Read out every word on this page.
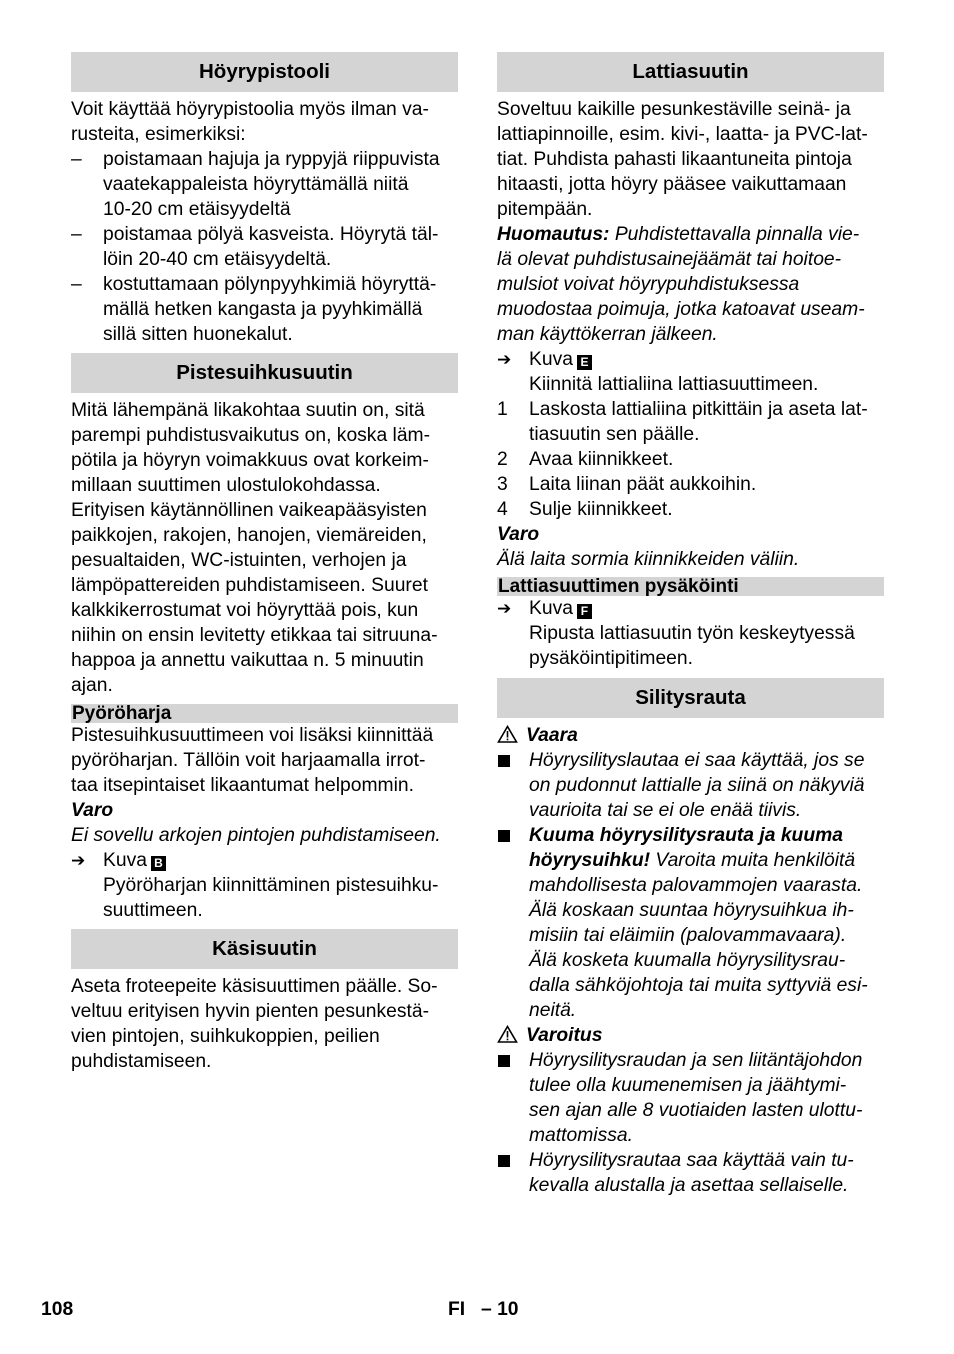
Höyrypistooli

Voit käyttää höyrypistoolia myös ilman va-
rusteita, esimerkiksi:

–	poistamaan hajuja ja ryppyjä riippuvista
vaatekappaleista höyryttämällä niitä
10-20 cm etäisyydeltä
–	poistamaa pölyä kasveista. Höyrytä täl-
löin 20-40 cm etäisyydeltä.
–	kostuttamaan pölynpyyhkimiä höyryttä-
mällä hetken kangasta ja pyyhkimällä
sillä sitten huonekalut.
Pistesuihkusuutin

Mitä lähempänä likakohtaa suutin on, sitä
parempi puhdistusvaikutus on, koska läm-
pötila ja höyryn voimakkuus ovat korkeim-
millaan suuttimen ulostulokohdassa.
Erityisen käytännöllinen vaikeapääsyisten
paikkojen, rakojen, hanojen, viemäreiden,
pesualtaiden, WC-istuinten, verhojen ja
lämpöpattereiden puhdistamiseen. Suuret
kalkkikerrostumat voi höyryttää pois, kun
niihin on ensin levitetty etikkaa tai sitruuna-
happoa ja annettu vaikuttaa n. 5 minuutin
ajan.

Pyöröharja

Pistesuihkusuuttimeen voi lisäksi kiinnittää
pyöröharjan. Tällöin voit harjaamalla irrot-
taa itsepintaiset likaantumat helpommin.

Varo

Ei sovellu arkojen pintojen puhdistamiseen.

➔ Kuva B
Pyöröharjan kiinnittäminen pistesuihku-
suuttimeen.
Käsisuutin

Aseta froteepeite käsisuuttimen päälle. So-
veltuu erityisen hyvin pienten pesunkestä-
vien pintojen, suihkukoppien, peilien
puhdistamiseen.

Lattiasuutin

Soveltuu kaikille pesunkestäville seinä- ja
lattiapinnoille, esim. kivi-, laatta- ja PVC-lat-
tiat. Puhdista pahasti likaantuneita pintoja
hitaasti, jotta höyry pääsee vaikuttamaan
pitempään.

Huomautus: Puhdistettavalla pinnalla vie-
lä olevat puhdistusainejäämät tai hoitoe-
mulsiot voivat höyrypuhdistuksessa
muodostaa poimuja, jotka katoavat useam-
man käyttökerran jälkeen.

➔ Kuva E
Kiinnitä lattialiina lattiasuuttimeen.
1	Laskosta lattialiina pitkittäin ja aseta lat-
tiasuutin sen päälle.
2	Avaa kiinnikkeet.
3	Laita liinan päät aukkoihin.
4	Sulje kiinnikkeet.

Varo

Älä laita sormia kiinnikkeiden väliin.

Lattiasuuttimen pysäköinti
➔ Kuva F
Ripusta lattiasuutin työn keskeytyessä
pysäköintipitimeen.
Silitysrauta
Vaara
Höyrysilityslautaa ei saa käyttää, jos se
on pudonnut lattialle ja siinä on näkyviä
vaurioita tai se ei ole enää tiivis.
Kuuma höyrysilitysrauta ja kuuma
höyrysuihku! Varoita muita henkilöitä
mahdollisesta palovammojen vaarasta.
Älä koskaan suuntaa höyrysuihkua ih-
misiin tai eläimiin (palovammavaara).
Älä kosketa kuumalla höyrysilitysrau-
dalla sähköjohtoja tai muita syttyviä esi-
neitä.
Varoitus
Höyrysilitysraudan ja sen liitäntäjohdon
tulee olla kuumenemisen ja jäähtymi-
sen ajan alle 8 vuotiaiden lasten ulottu-
mattomissa.
Höyrysilitysrautaa saa käyttää vain tu-
kevalla alustalla ja asettaa sellaiselle.
108	FI – 10
